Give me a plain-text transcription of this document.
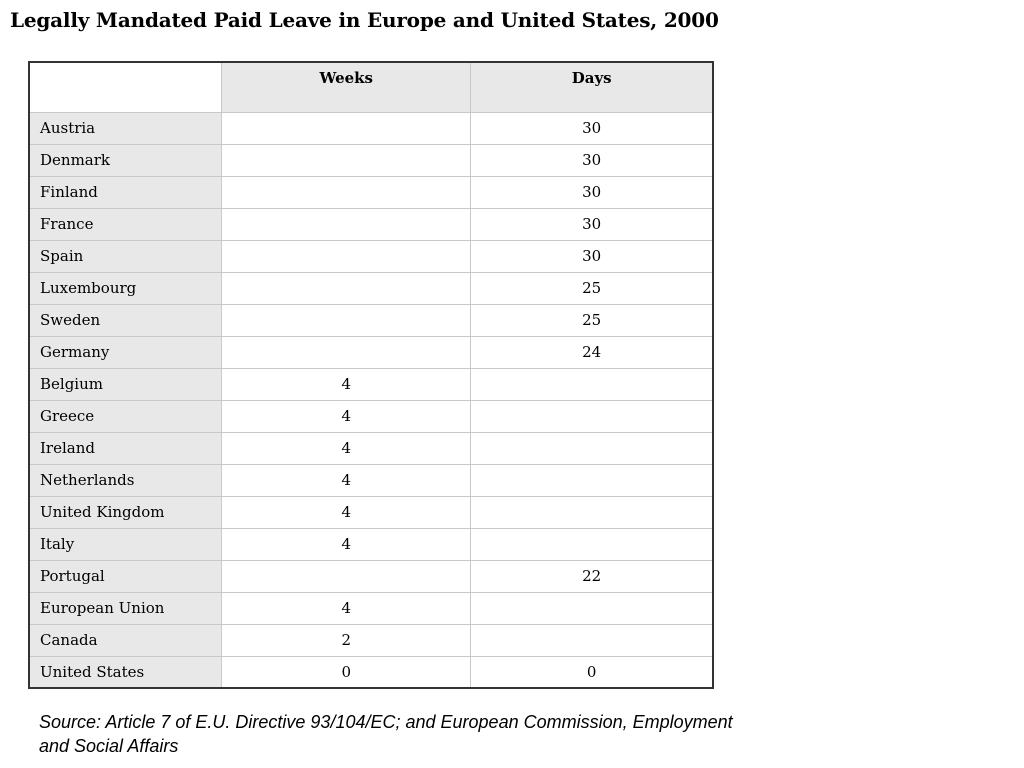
Legally Mandated Paid Leave in Europe and United States, 2000
	Weeks	Days
Austria		30
Denmark		30
Finland		30
France		30
Spain		30
Luxembourg		25
Sweden		25
Germany		24
Belgium	4	
Greece	4	
Ireland	4	
Netherlands	4	
United Kingdom	4	
Italy	4	
Portugal		22
European Union	4	
Canada	2	
United States	0	0
Source: Article 7 of E.U. Directive 93/104/EC; and European Commission, Employment and Social Affairs
